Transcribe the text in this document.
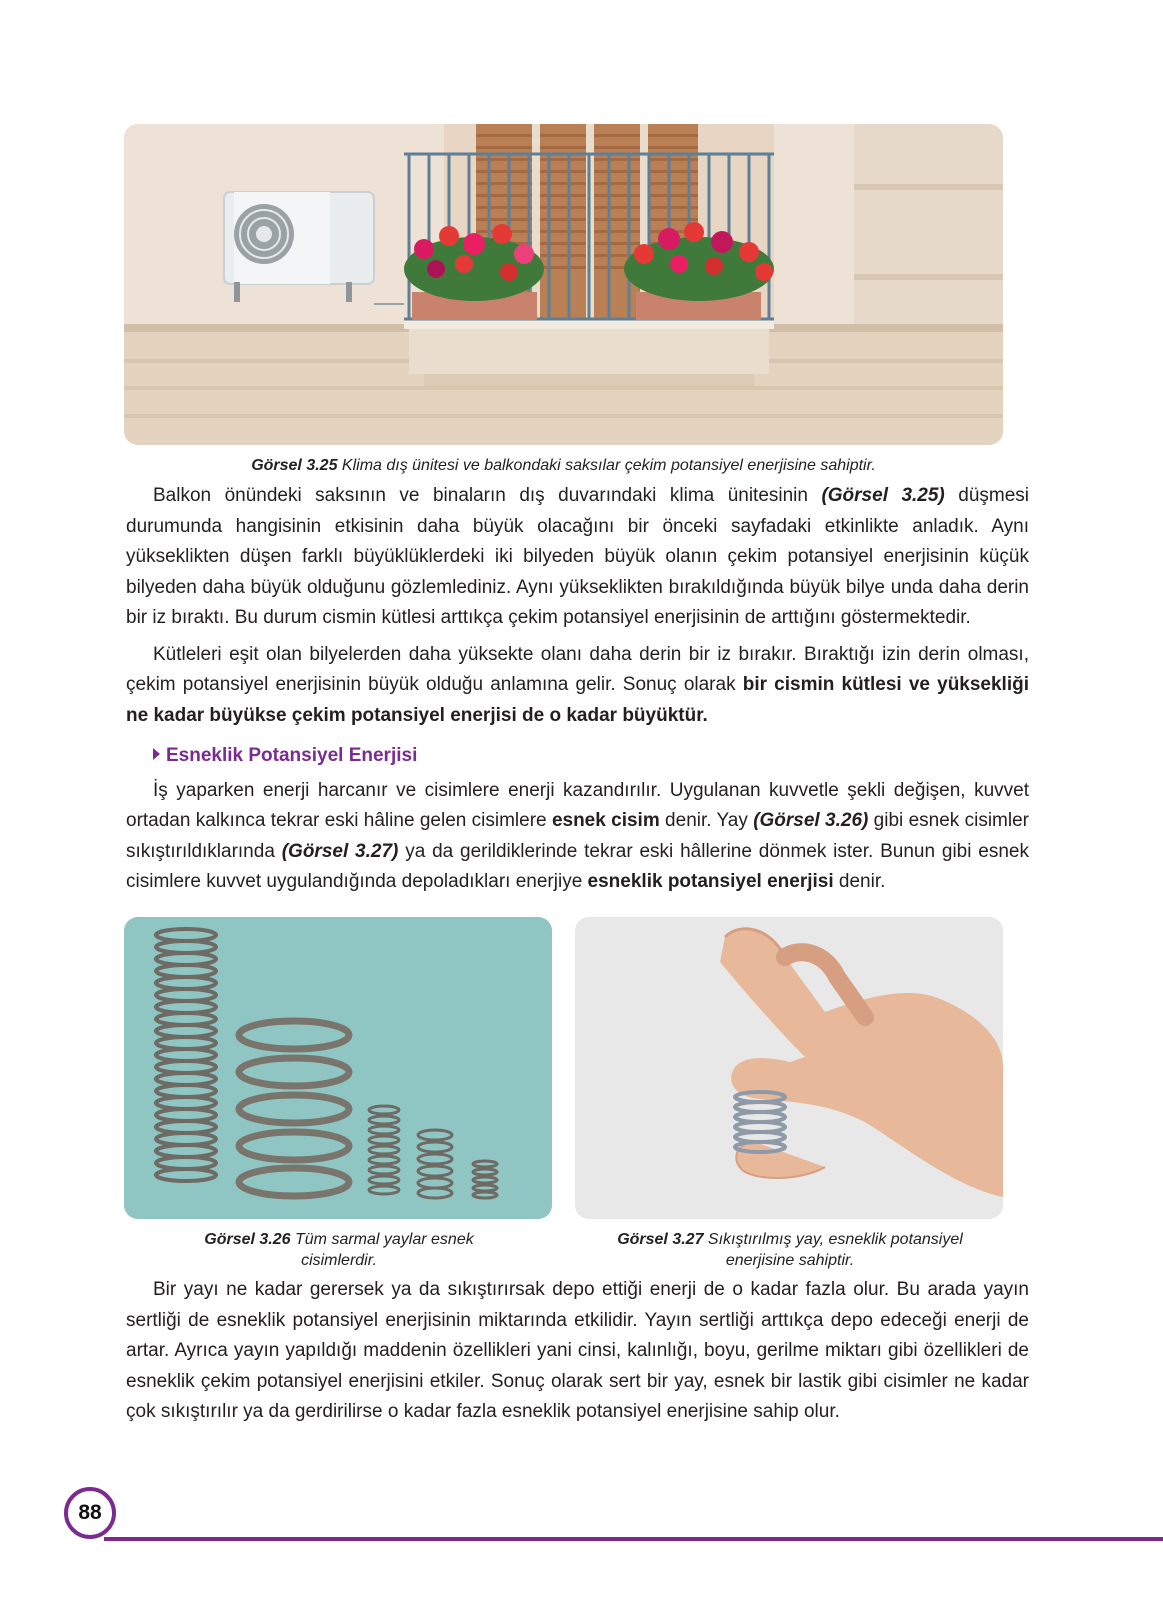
Görsel 3.25 Klima dış ünitesi ve balkondaki saksılar çekim potansiyel enerjisine sahiptir.

Balkon önündeki saksının ve binaların dış duvarındaki klima ünitesinin (Görsel 3.25) düşmesi durumunda hangisinin etkisinin daha büyük olacağını bir önceki sayfadaki etkinlikte anladık. Aynı yükseklikten düşen farklı büyüklüklerdeki iki bilyeden büyük olanın çekim potansiyel enerjisinin küçük bilyeden daha büyük olduğunu gözlemlediniz. Aynı yükseklikten bırakıldığında büyük bilye unda daha derin bir iz bıraktı. Bu durum cismin kütlesi arttıkça çekim potansiyel enerjisinin de arttığını göstermektedir.

Kütleleri eşit olan bilyelerden daha yüksekte olanı daha derin bir iz bırakır. Bıraktığı izin derin olması, çekim potansiyel enerjisinin büyük olduğu anlamına gelir. Sonuç olarak bir cismin kütlesi ve yüksekliği ne kadar büyükse çekim potansiyel enerjisi de o kadar büyüktür.

Esneklik Potansiyel Enerjisi

İş yaparken enerji harcanır ve cisimlere enerji kazandırılır. Uygulanan kuvvetle şekli değişen, kuvvet ortadan kalkınca tekrar eski hâline gelen cisimlere esnek cisim denir. Yay (Görsel 3.26) gibi esnek cisimler sıkıştırıldıklarında (Görsel 3.27) ya da gerildiklerinde tekrar eski hâllerine dönmek ister. Bunun gibi esnek cisimlere kuvvet uygulandığında depoladıkları enerjiye esneklik potansiyel enerjisi denir.

Görsel 3.26 Tüm sarmal yaylar esnek cisimlerdir.
Görsel 3.27 Sıkıştırılmış yay, esneklik potansiyel enerjisine sahiptir.

Bir yayı ne kadar gerersek ya da sıkıştırırsak depo ettiği enerji de o kadar fazla olur. Bu arada yayın sertliği de esneklik potansiyel enerjisinin miktarında etkilidir. Yayın sertliği arttıkça depo edeceği enerji de artar. Ayrıca yayın yapıldığı maddenin özellikleri yani cinsi, kalınlığı, boyu, gerilme miktarı gibi özellikleri de esneklik çekim potansiyel enerjisini etkiler. Sonuç olarak sert bir yay, esnek bir lastik gibi cisimler ne kadar çok sıkıştırılır ya da gerdirilirse o kadar fazla esneklik potansiyel enerjisine sahip olur.

88
